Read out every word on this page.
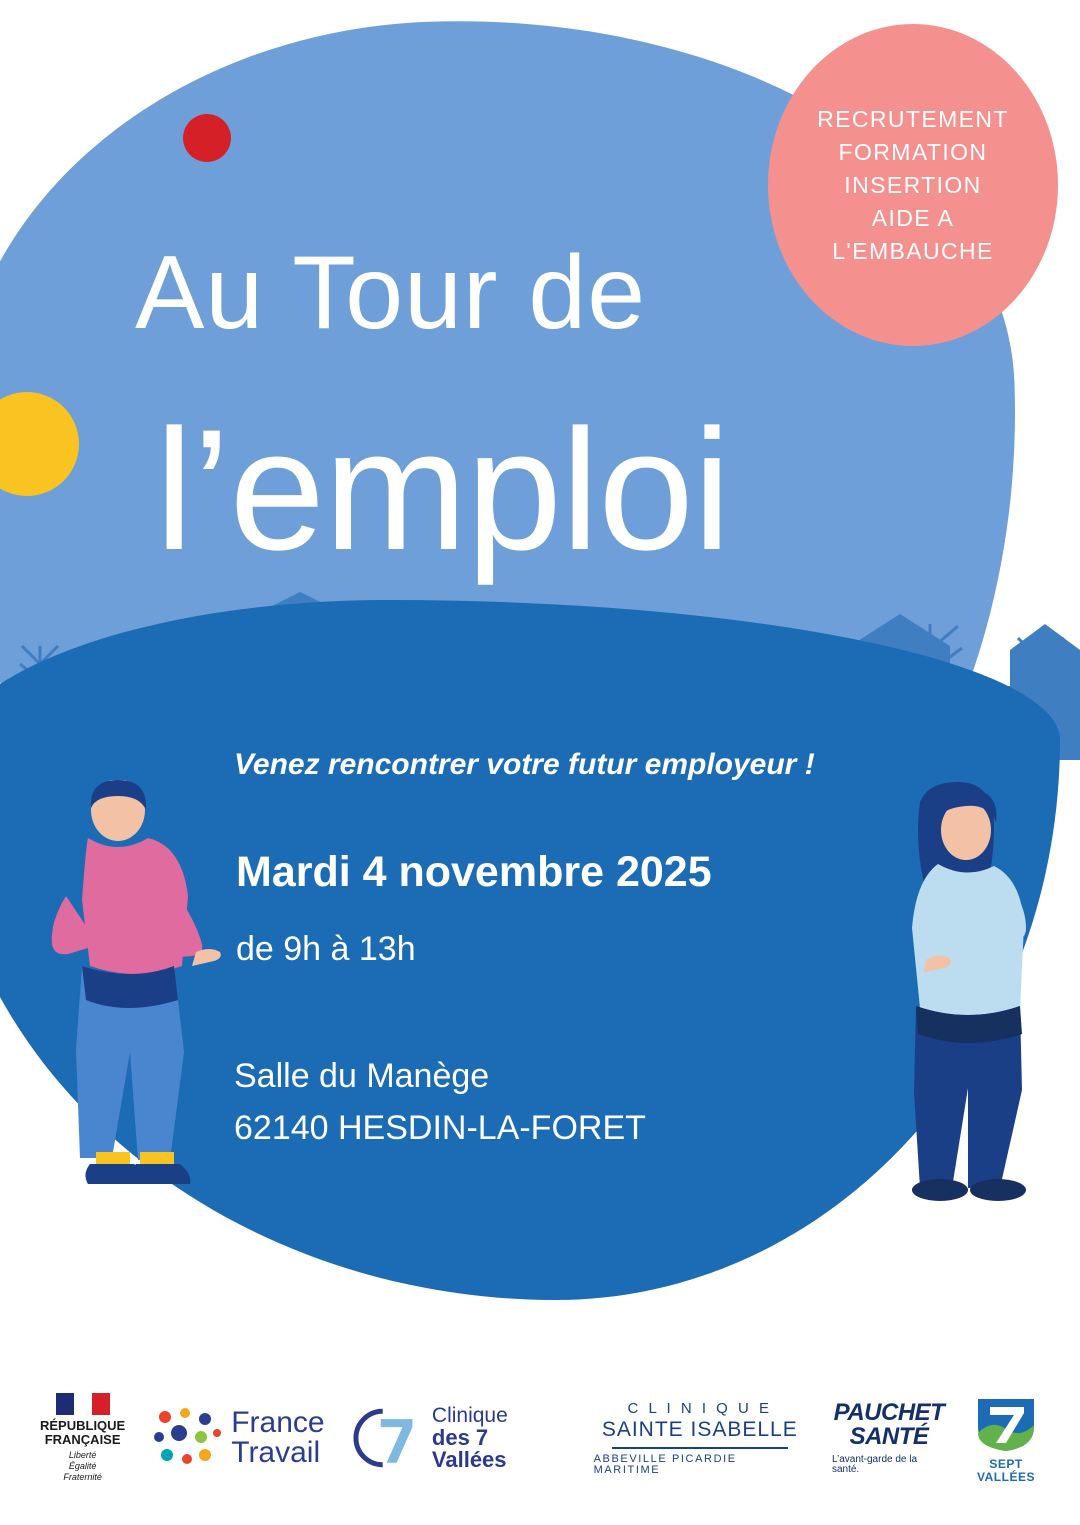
RECRUTEMENT
FORMATION
INSERTION
AIDE A
L'EMBAUCHE
Au Tour de
l’emploi
Venez rencontrer votre futur employeur !
Mardi 4 novembre 2025
de 9h à 13h
Salle du Manège
62140 HESDIN-LA-FORET
RÉPUBLIQUE
FRANÇAISE
Liberté
Égalité
Fraternité
France
Travail
Clinique
des 7 Vallées
C L I N I Q U E
SAINTE ISABELLE
ABBEVILLE PICARDIE MARITIME
PAUCHET
SANTÉ
L’avant-garde de la santé.	SEPT
VALLÉES
